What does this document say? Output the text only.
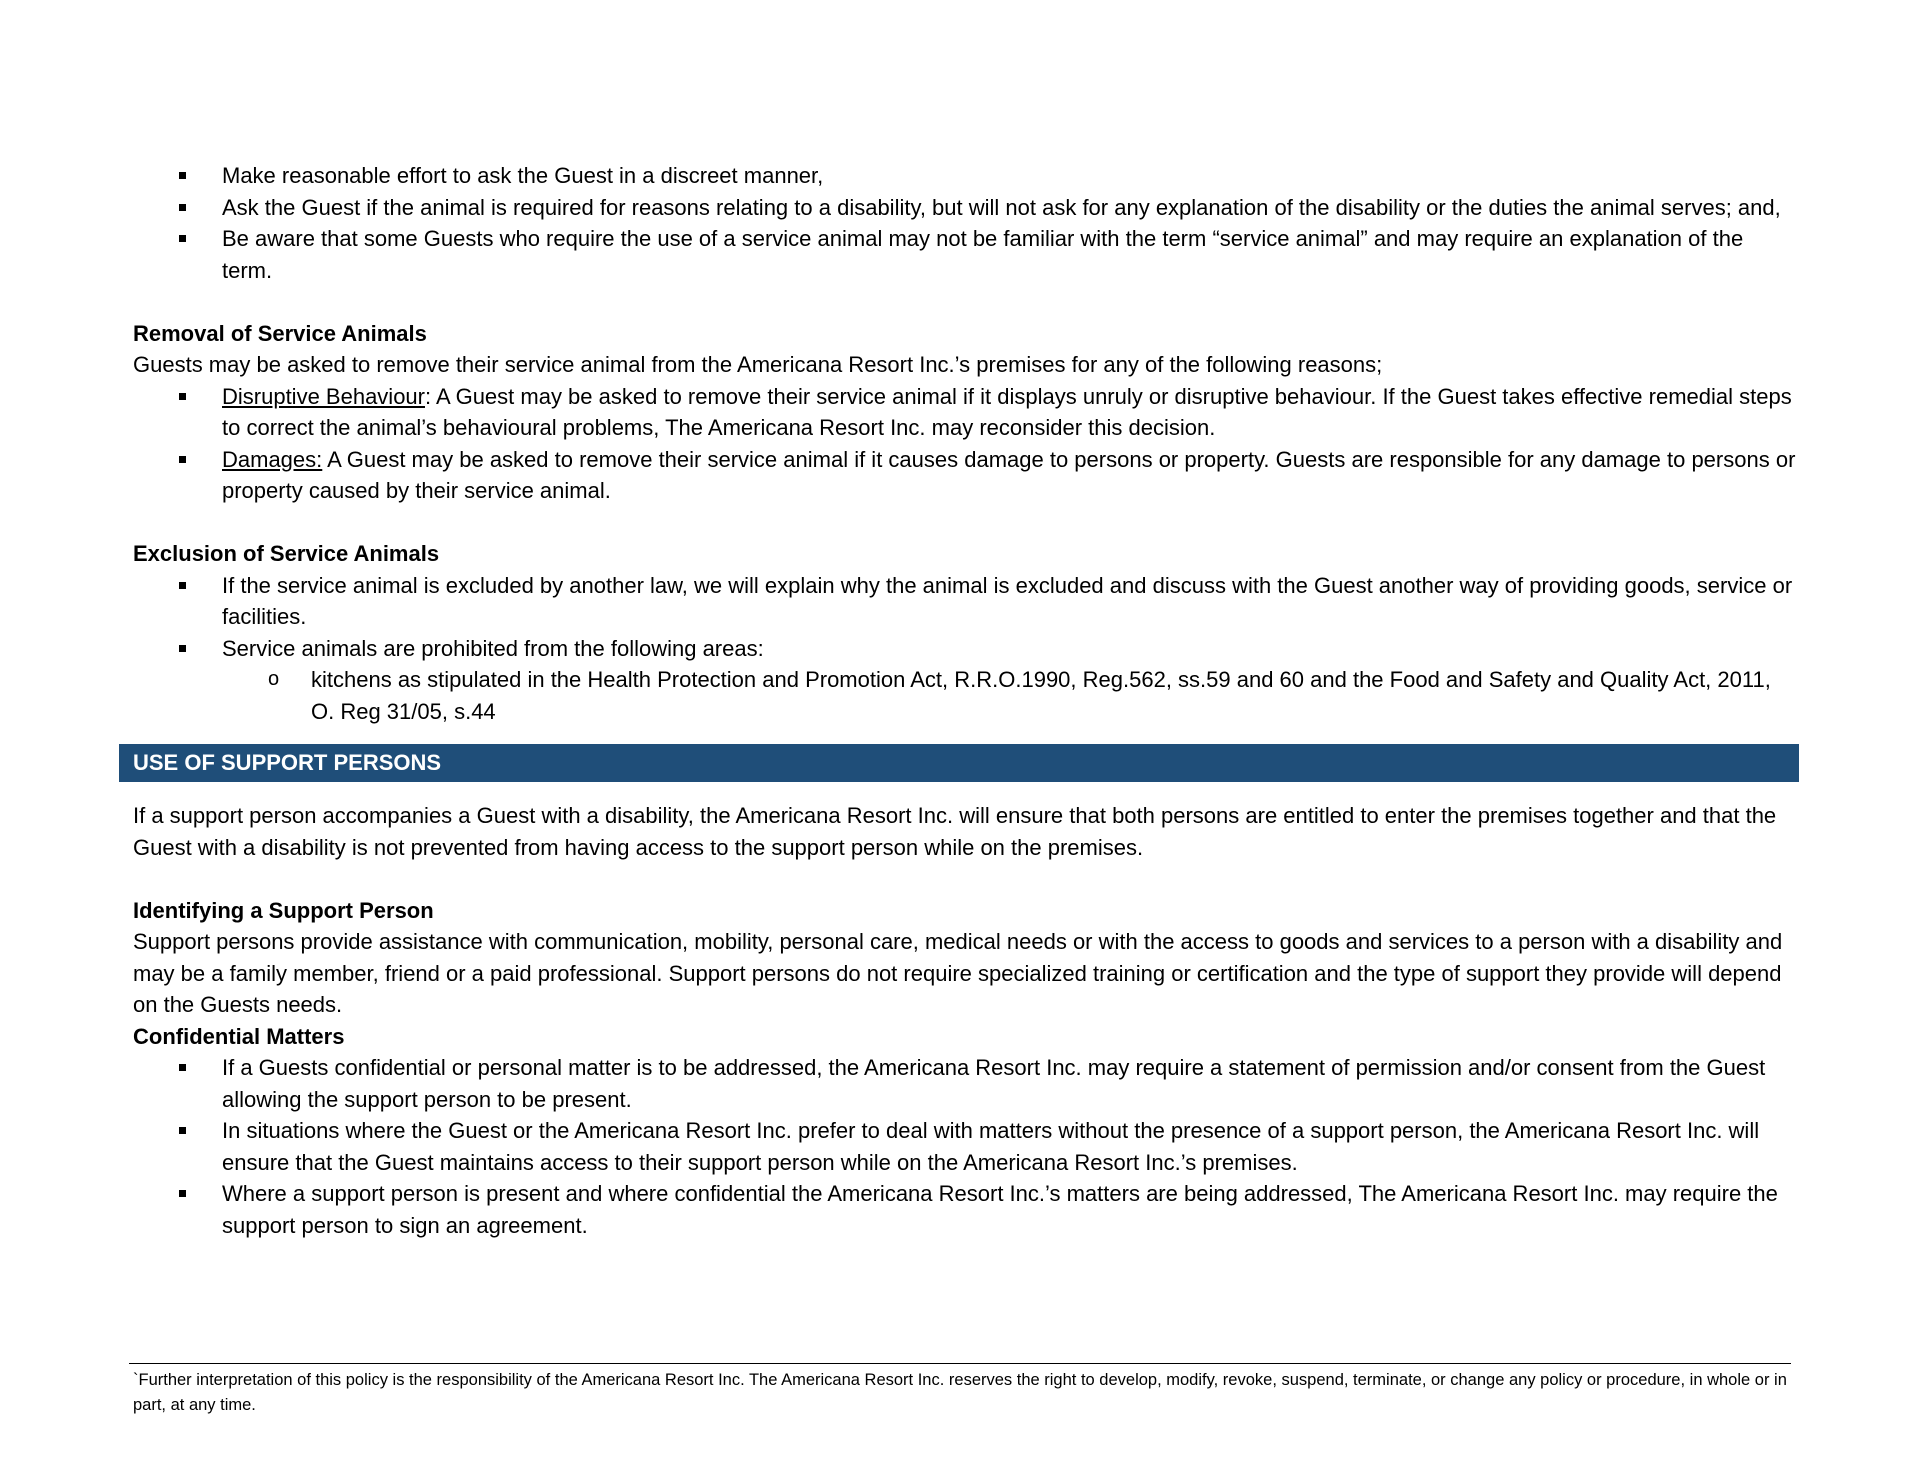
Make reasonable effort to ask the Guest in a discreet manner,
Ask the Guest if the animal is required for reasons relating to a disability, but will not ask for any explanation of the disability or the duties the animal serves; and,
Be aware that some Guests who require the use of a service animal may not be familiar with the term “service animal” and may require an explanation of the term.
Removal of Service Animals
Guests may be asked to remove their service animal from the Americana Resort Inc.’s premises for any of the following reasons;
Disruptive Behaviour: A Guest may be asked to remove their service animal if it displays unruly or disruptive behaviour. If the Guest takes effective remedial steps to correct the animal’s behavioural problems, The Americana Resort Inc. may reconsider this decision.
Damages: A Guest may be asked to remove their service animal if it causes damage to persons or property. Guests are responsible for any damage to persons or property caused by their service animal.
Exclusion of Service Animals
If the service animal is excluded by another law, we will explain why the animal is excluded and discuss with the Guest another way of providing goods, service or facilities.
Service animals are prohibited from the following areas:
o kitchens as stipulated in the Health Protection and Promotion Act, R.R.O.1990, Reg.562, ss.59 and 60 and the Food and Safety and Quality Act, 2011, O. Reg 31/05, s.44
USE OF SUPPORT PERSONS
If a support person accompanies a Guest with a disability, the Americana Resort Inc. will ensure that both persons are entitled to enter the premises together and that the Guest with a disability is not prevented from having access to the support person while on the premises.
Identifying a Support Person
Support persons provide assistance with communication, mobility, personal care, medical needs or with the access to goods and services to a person with a disability and may be a family member, friend or a paid professional. Support persons do not require specialized training or certification and the type of support they provide will depend on the Guests needs.
Confidential Matters
If a Guests confidential or personal matter is to be addressed, the Americana Resort Inc. may require a statement of permission and/or consent from the Guest allowing the support person to be present.
In situations where the Guest or the Americana Resort Inc. prefer to deal with matters without the presence of a support person, the Americana Resort Inc. will ensure that the Guest maintains access to their support person while on the Americana Resort Inc.’s premises.
Where a support person is present and where confidential the Americana Resort Inc.’s matters are being addressed, The Americana Resort Inc. may require the support person to sign an agreement.
`Further interpretation of this policy is the responsibility of the Americana Resort Inc. The Americana Resort Inc. reserves the right to develop, modify, revoke, suspend, terminate, or change any policy or procedure, in whole or in part, at any time.
